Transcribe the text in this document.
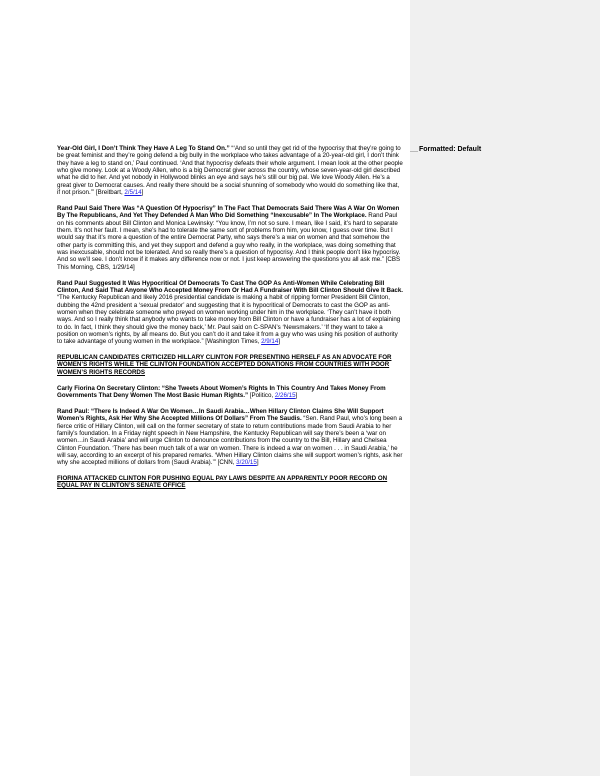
Formatted: Default

Year-Old Girl, I Don’t Think They Have A Leg To Stand On.” “‘And so until they get rid of the hypocrisy that they’re going to be great feminist and they’re going defend a big bully in the workplace who takes advantage of a 20-year-old girl, I don’t think they have a leg to stand on,’ Paul continued. ‘And that hypocrisy defeats their whole argument. I mean look at the other people who give money. Look at a Woody Allen, who is a big Democrat giver across the country, whose seven-year-old girl described what he did to her. And yet nobody in Hollywood blinks an eye and says he’s still our big pal. We love Woody Allen. He’s a great giver to Democrat causes. And really there should be a social shunning of somebody who would do something like that, if not prison.’” [Breitbart, 2/5/14]

Rand Paul Said There Was “A Question Of Hypocrisy” In The Fact That Democrats Said There Was A War On Women By The Republicans, And Yet They Defended A Man Who Did Something “Inexcusable” In The Workplace. Rand Paul on his comments about Bill Clinton and Monica Lewinsky: “You know, I’m not so sure. I mean, like I said, it’s hard to separate them. It’s not her fault. I mean, she’s had to tolerate the same sort of problems from him, you know, I guess over time. But I would say that it’s more a question of the entire Democrat Party, who says there’s a war on women and that somehow the other party is committing this, and yet they support and defend a guy who really, in the workplace, was doing something that was inexcusable, should not be tolerated. And so really there’s a question of hypocrisy. And I think people don’t like hypocrisy. And so we’ll see. I don’t know if it makes any difference now or not. I just keep answering the questions you all ask me.” [CBS This Morning, CBS, 1/29/14]

Rand Paul Suggested It Was Hypocritical Of Democrats To Cast The GOP As Anti-Women While Celebrating Bill Clinton, And Said That Anyone Who Accepted Money From Or Had A Fundraiser With Bill Clinton Should Give It Back. “The Kentucky Republican and likely 2016 presidential candidate is making a habit of ripping former President Bill Clinton, dubbing the 42nd president a ‘sexual predator’ and suggesting that it is hypocritical of Democrats to cast the GOP as anti-women when they celebrate someone who preyed on women working under him in the workplace. ‘They can’t have it both ways. And so I really think that anybody who wants to take money from Bill Clinton or have a fundraiser has a lot of explaining to do. In fact, I think they should give the money back,’ Mr. Paul said on C-SPAN’s ‘Newsmakers.’ ‘If they want to take a position on women’s rights, by all means do. But you can’t do it and take it from a guy who was using his position of authority to take advantage of young women in the workplace.” [Washington Times, 2/9/14]

REPUBLICAN CANDIDATES CRITICIZED HILLARY CLINTON FOR PRESENTING HERSELF AS AN ADVOCATE FOR WOMEN’S RIGHTS WHILE THE CLINTON FOUNDATION ACCEPTED DONATIONS FROM COUNTRIES WITH POOR WOMEN’S RIGHTS RECORDS

Carly Fiorina On Secretary Clinton: “She Tweets About Women’s Rights In This Country And Takes Money From Governments That Deny Women The Most Basic Human Rights.” [Politico, 2/26/15]

Rand Paul: “There Is Indeed A War On Women…In Saudi Arabia…When Hillary Clinton Claims She Will Support Women’s Rights, Ask Her Why She Accepted Millions Of Dollars” From The Saudis. “Sen. Rand Paul, who’s long been a fierce critic of Hillary Clinton, will call on the former secretary of state to return contributions made from Saudi Arabia to her family’s foundation. In a Friday night speech in New Hampshire, the Kentucky Republican will say there’s been a ‘war on women…in Saudi Arabia’ and will urge Clinton to denounce contributions from the country to the Bill, Hillary and Chelsea Clinton Foundation. ‘There has been much talk of a war on women. There is indeed a war on women . . . in Saudi Arabia,’ he will say, according to an excerpt of his prepared remarks. ‘When Hillary Clinton claims she will support women’s rights, ask her why she accepted millions of dollars from (Saudi Arabia).’” [CNN, 3/20/15]

FIORINA ATTACKED CLINTON FOR PUSHING EQUAL PAY LAWS DESPITE AN APPARENTLY POOR RECORD ON EQUAL PAY IN CLINTON’S SENATE OFFICE
